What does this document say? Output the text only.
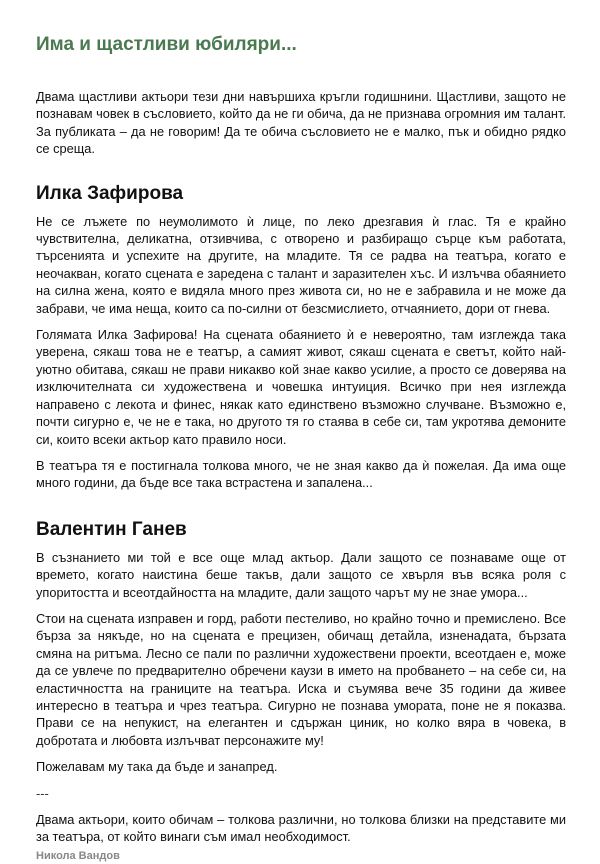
Има и щастливи юбиляри...

Двама щастливи актьори тези дни навършиха кръгли годишнини. Щастливи, защото не познавам човек в съсловието, който да не ги обича, да не признава огромния им талант. За публиката – да не говорим! Да те обича съсловието не е малко, пък и обидно рядко се среща.

Илка Зафирова

Не се лъжете по неумолимото ѝ лице, по леко дрезгавия ѝ глас. Тя е крайно чувствителна, деликатна, отзивчива, с отворено и разбиращо сърце към работата, търсенията и успехите на другите, на младите. Тя се радва на театъра, когато е неочакван, когато сцената е заредена с талант и заразителен хъс. И излъчва обаянието на силна жена, която е видяла много през живота си, но не е забравила и не може да забрави, че има неща, които са по-силни от безсмислието, отчаянието, дори от гнева.

Голямата Илка Зафирова! На сцената обаянието ѝ е невероятно, там изглежда така уверена, сякаш това не е театър, а самият живот, сякаш сцената е светът, който най-уютно обитава, сякаш не прави никакво кой знае какво усилие, а просто се доверява на изключителната си художествена и човешка интуиция. Всичко при нея изглежда направено с лекота и финес, някак като единствено възможно случване. Възможно е, почти сигурно е, че не е така, но другото тя го стаява в себе си, там укротява демоните си, които всеки актьор като правило носи.

В театъра тя е постигнала толкова много, че не зная какво да ѝ пожелая. Да има още много години, да бъде все така встрастена и запалена...

Валентин Ганев

В съзнанието ми той е все още млад актьор. Дали защото се познаваме още от времето, когато наистина беше такъв, дали защото се хвърля във всяка роля с упоритостта и всеотдайността на младите, дали защото чарът му не знае умора...

Стои на сцената изправен и горд, работи пестеливо, но крайно точно и премислено. Все бърза за някъде, но на сцената е прецизен, обичащ детайла, изненадата, бързата смяна на ритъма. Лесно се пали по различни художествени проекти, всеотдаен е, може да се увлече по предварително обречени каузи в името на пробването – на себе си, на еластичността на границите на театъра. Иска и съумява вече 35 години да живее интересно в театъра и чрез театъра. Сигурно не познава умората, поне не я показва. Прави се на непукист, на елегантен и сдържан циник, но колко вяра в човека, в добротата и любовта излъчват персонажите му!

Пожелавам му така да бъде и занапред.

---

Двама актьори, които обичам – толкова различни, но толкова близки на представите ми за театъра, от който винаги съм имал необходимост.

Никола Вандов
